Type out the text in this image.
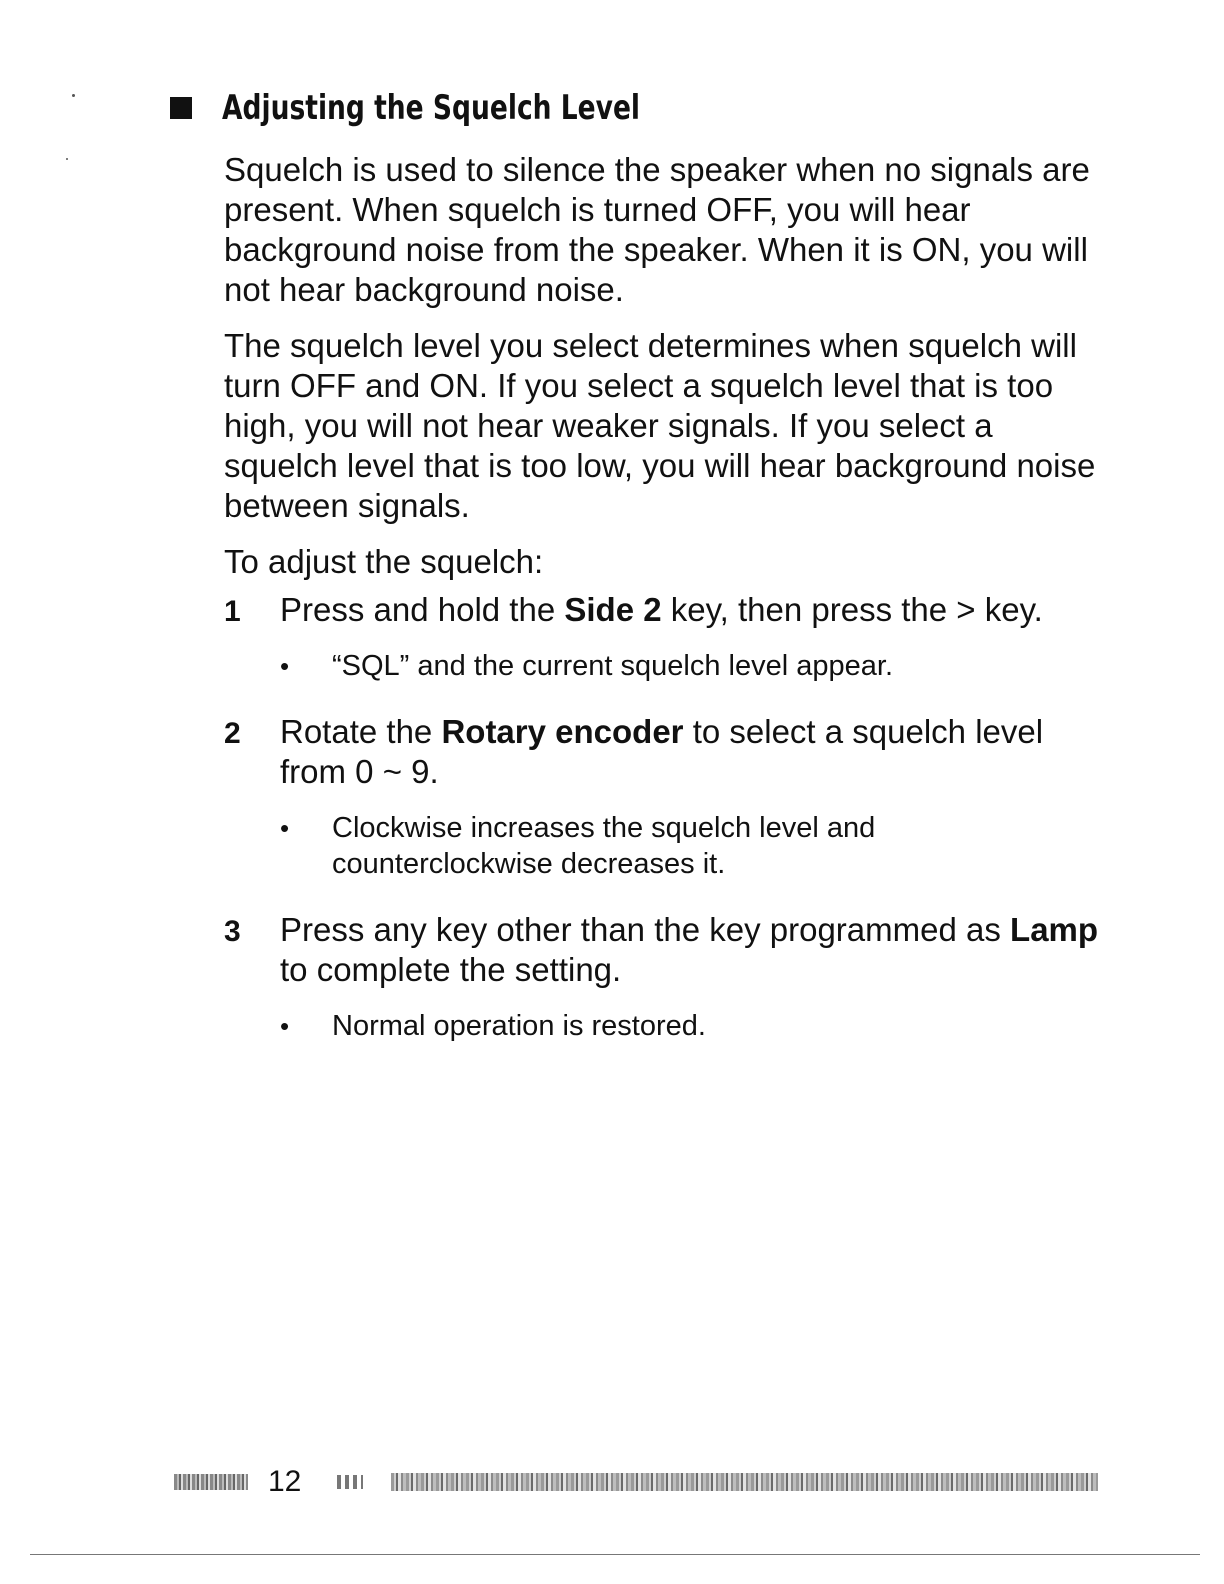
Adjusting the Squelch Level

Squelch is used to silence the speaker when no signals are present. When squelch is turned OFF, you will hear background noise from the speaker. When it is ON, you will not hear background noise.

The squelch level you select determines when squelch will turn OFF and ON. If you select a squelch level that is too high, you will not hear weaker signals. If you select a squelch level that is too low, you will hear background noise between signals.

To adjust the squelch:

1	Press and hold the Side 2 key, then press the > key.

•	“SQL” and the current squelch level appear.

2	Rotate the Rotary encoder to select a squelch level from 0 ~ 9.

•	Clockwise increases the squelch level and counterclockwise decreases it.

3	Press any key other than the key programmed as Lamp to complete the setting.

•	Normal operation is restored.

12
